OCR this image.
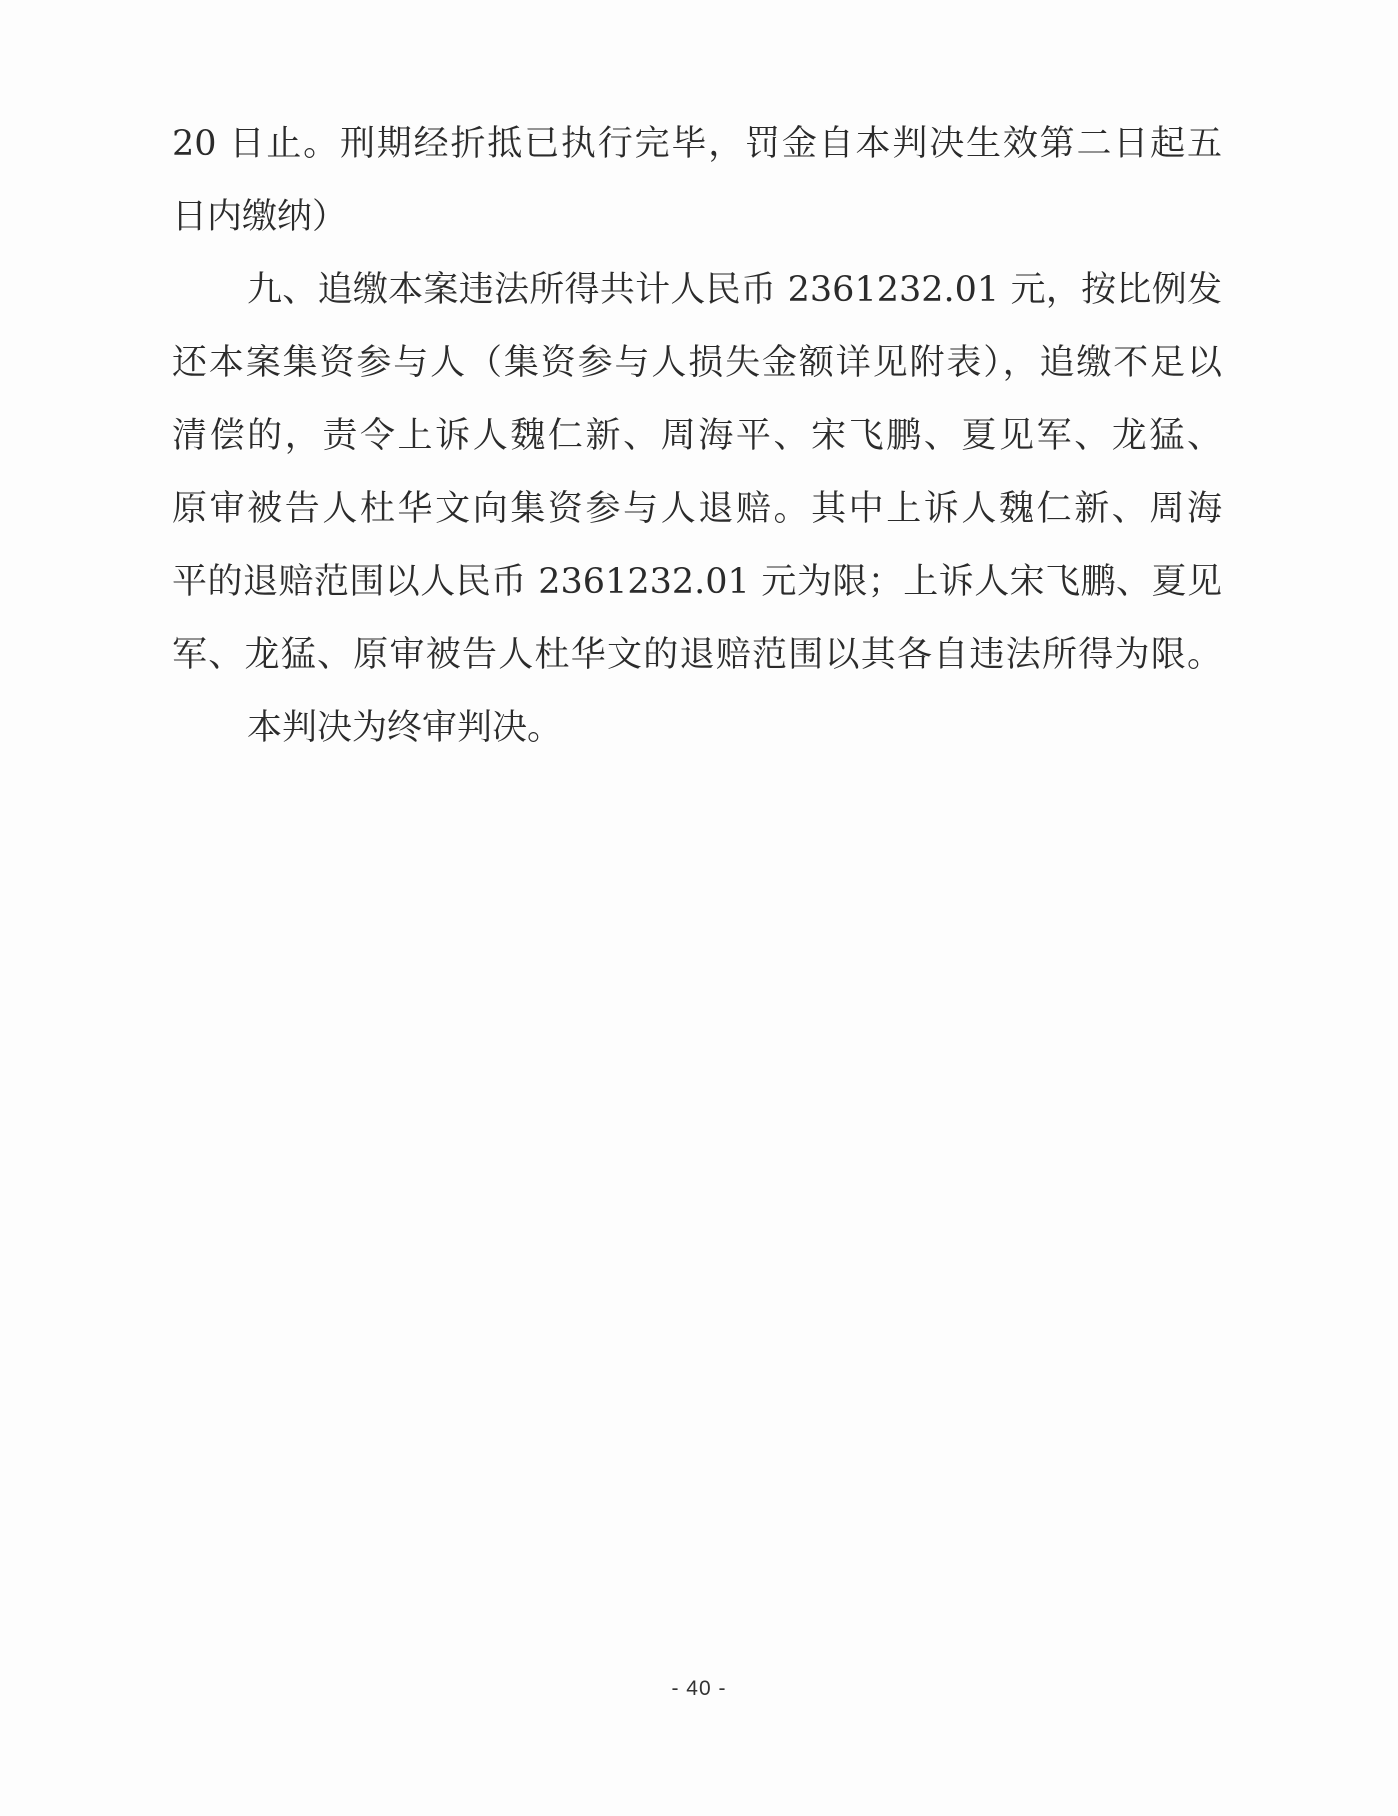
20 日止。刑期经折抵已执行完毕，罚金自本判决生效第二日起五
日内缴纳）
九、追缴本案违法所得共计人民币 2361232.01 元，按比例发
还本案集资参与人（集资参与人损失金额详见附表），追缴不足以
清偿的，责令上诉人魏仁新、周海平、宋飞鹏、夏见军、龙猛、
原审被告人杜华文向集资参与人退赔。其中上诉人魏仁新、周海
平的退赔范围以人民币 2361232.01 元为限；上诉人宋飞鹏、夏见
军、龙猛、原审被告人杜华文的退赔范围以其各自违法所得为限。
本判决为终审判决。
- 40 -
